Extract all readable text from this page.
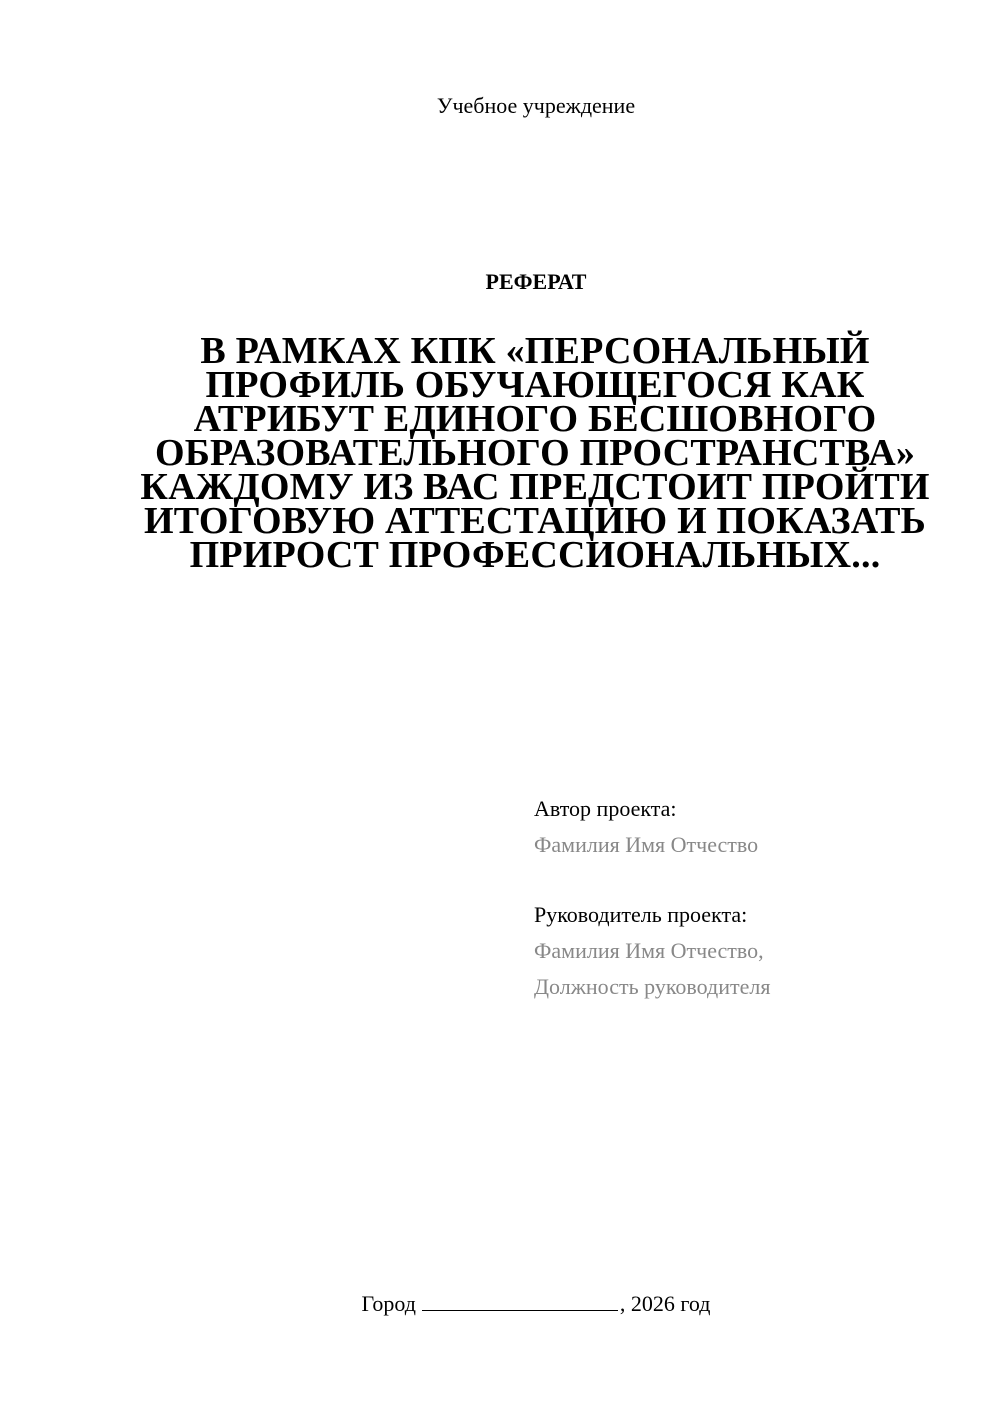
Учебное учреждение
РЕФЕРАТ
В РАМКАХ КПК «ПЕРСОНАЛЬНЫЙ ПРОФИЛЬ ОБУЧАЮЩЕГОСЯ КАК АТРИБУТ ЕДИНОГО БЕСШОВНОГО ОБРАЗОВАТЕЛЬНОГО ПРОСТРАНСТВА» КАЖДОМУ ИЗ ВАС ПРЕДСТОИТ ПРОЙТИ ИТОГОВУЮ АТТЕСТАЦИЮ И ПОКАЗАТЬ ПРИРОСТ ПРОФЕССИОНАЛЬНЫХ...
Автор проекта:
Фамилия Имя Отчество
Руководитель проекта:
Фамилия Имя Отчество,
Должность руководителя
Город	, 2026 год
